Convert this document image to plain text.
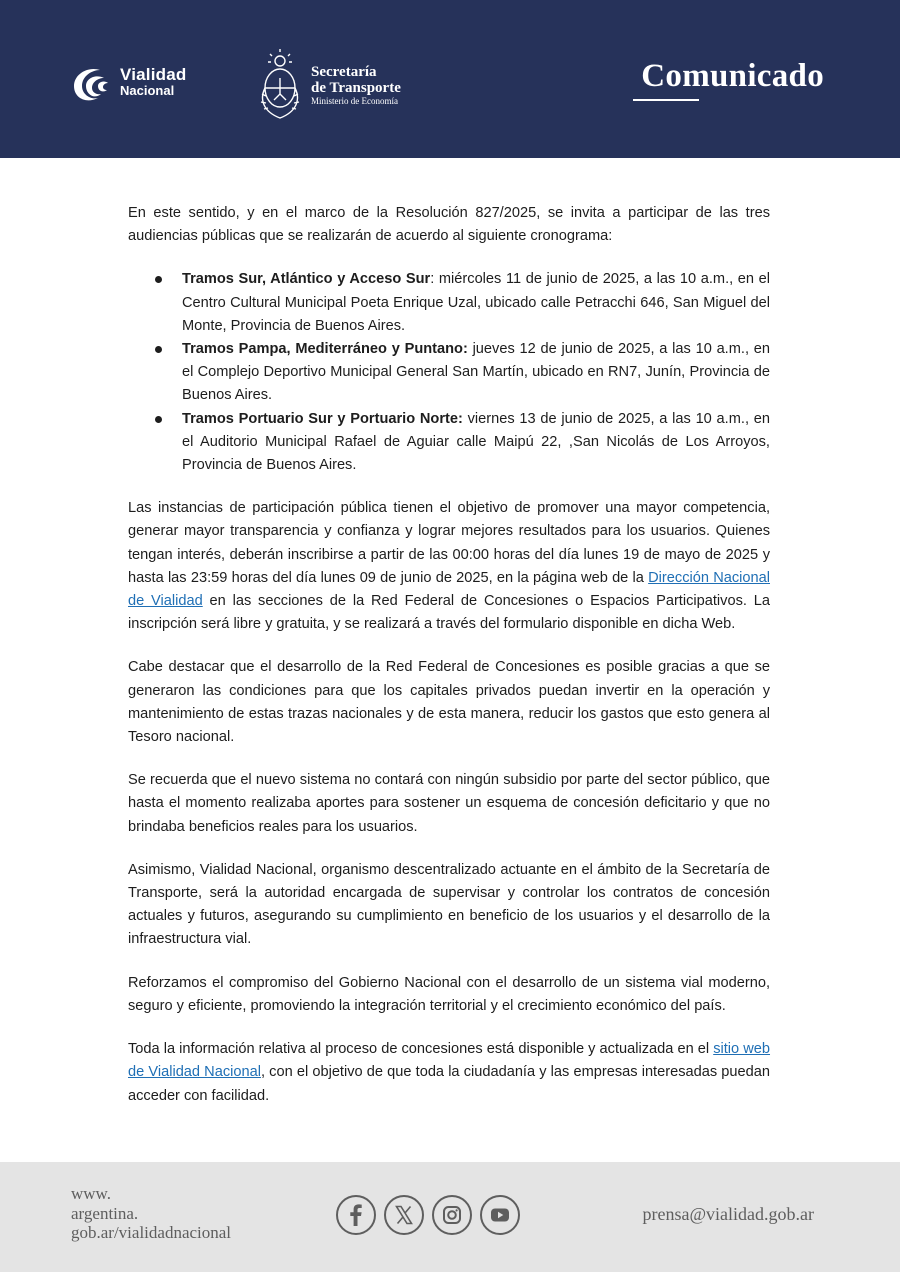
Vialidad
Nacional
Secretaría
de Transporte
Ministerio de Economía
Comunicado

En este sentido, y en el marco de la Resolución 827/2025, se invita a participar de las tres audiencias públicas que se realizarán de acuerdo al siguiente cronograma:

Tramos Sur, Atlántico y Acceso Sur: miércoles 11 de junio de 2025, a las 10 a.m., en el Centro Cultural Municipal Poeta Enrique Uzal, ubicado calle Petracchi 646, San Miguel del Monte, Provincia de Buenos Aires.
Tramos Pampa, Mediterráneo y Puntano: jueves 12 de junio de 2025, a las 10 a.m., en el Complejo Deportivo Municipal General San Martín, ubicado en RN7, Junín, Provincia de Buenos Aires.
Tramos Portuario Sur y Portuario Norte: viernes 13 de junio de 2025, a las 10 a.m., en el Auditorio Municipal Rafael de Aguiar calle Maipú 22, ,San Nicolás de Los Arroyos, Provincia de Buenos Aires.

Las instancias de participación pública tienen el objetivo de promover una mayor competencia, generar mayor transparencia y confianza y lograr mejores resultados para los usuarios. Quienes tengan interés, deberán inscribirse a partir de las 00:00 horas del día lunes 19 de mayo de 2025 y hasta las 23:59 horas del día lunes 09 de junio de 2025, en la página web de la Dirección Nacional de Vialidad en las secciones de la Red Federal de Concesiones o Espacios Participativos. La inscripción será libre y gratuita, y se realizará a través del formulario disponible en dicha Web.

Cabe destacar que el desarrollo de la Red Federal de Concesiones es posible gracias a que se generaron las condiciones para que los capitales privados puedan invertir en la operación y mantenimiento de estas trazas nacionales y de esta manera, reducir los gastos que esto genera al Tesoro nacional.

Se recuerda que el nuevo sistema no contará con ningún subsidio por parte del sector público, que hasta el momento realizaba aportes para sostener un esquema de concesión deficitario y que no brindaba beneficios reales para los usuarios.

Asimismo, Vialidad Nacional, organismo descentralizado actuante en el ámbito de la Secretaría de Transporte, será la autoridad encargada de supervisar y controlar los contratos de concesión actuales y futuros, asegurando su cumplimiento en beneficio de los usuarios y el desarrollo de la infraestructura vial.

Reforzamos el compromiso del Gobierno Nacional con el desarrollo de un sistema vial moderno, seguro y eficiente, promoviendo la integración territorial y el crecimiento económico del país.

Toda la información relativa al proceso de concesiones está disponible y actualizada en el sitio web de Vialidad Nacional, con el objetivo de que toda la ciudadanía y las empresas interesadas puedan acceder con facilidad.

www.
argentina.
gob.ar/vialidadnacional
prensa@vialidad.gob.ar
